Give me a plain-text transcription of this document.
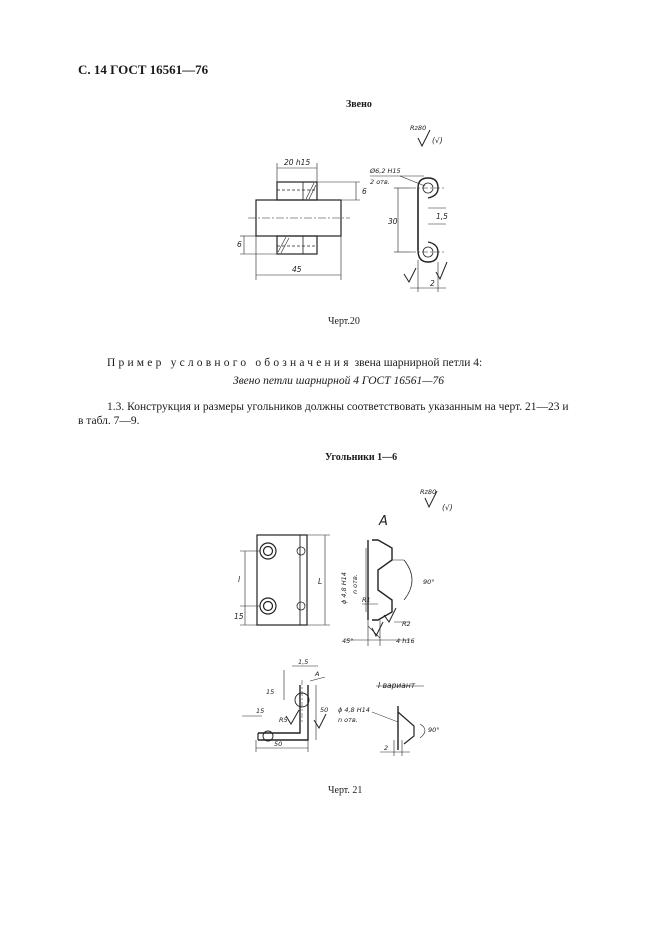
С. 14 ГОСТ 16561—76
Звено
20 h15
45
6
6
Ø6,2 H15
2 отв.
30
1,5
2
Rz80
(√)
Черт.20
Пример условного обозначения звена шарнирной петли 4:
Звено петли шарнирной 4 ГОСТ 16561—76
1.3. Конструкция и размеры угольников должны соответствовать указанным на черт. 21—23 и
в табл. 7—9.
Угольники 1—6
А
Rz80
(√)
l	L
15
ϕ 4,8 H14 n отв.	90°
R1
R2
45°	4 h16
1,5
А
15
15
R5
50
50
I вариант
ϕ 4,8 H14
n отв.
90°
2
Черт. 21
